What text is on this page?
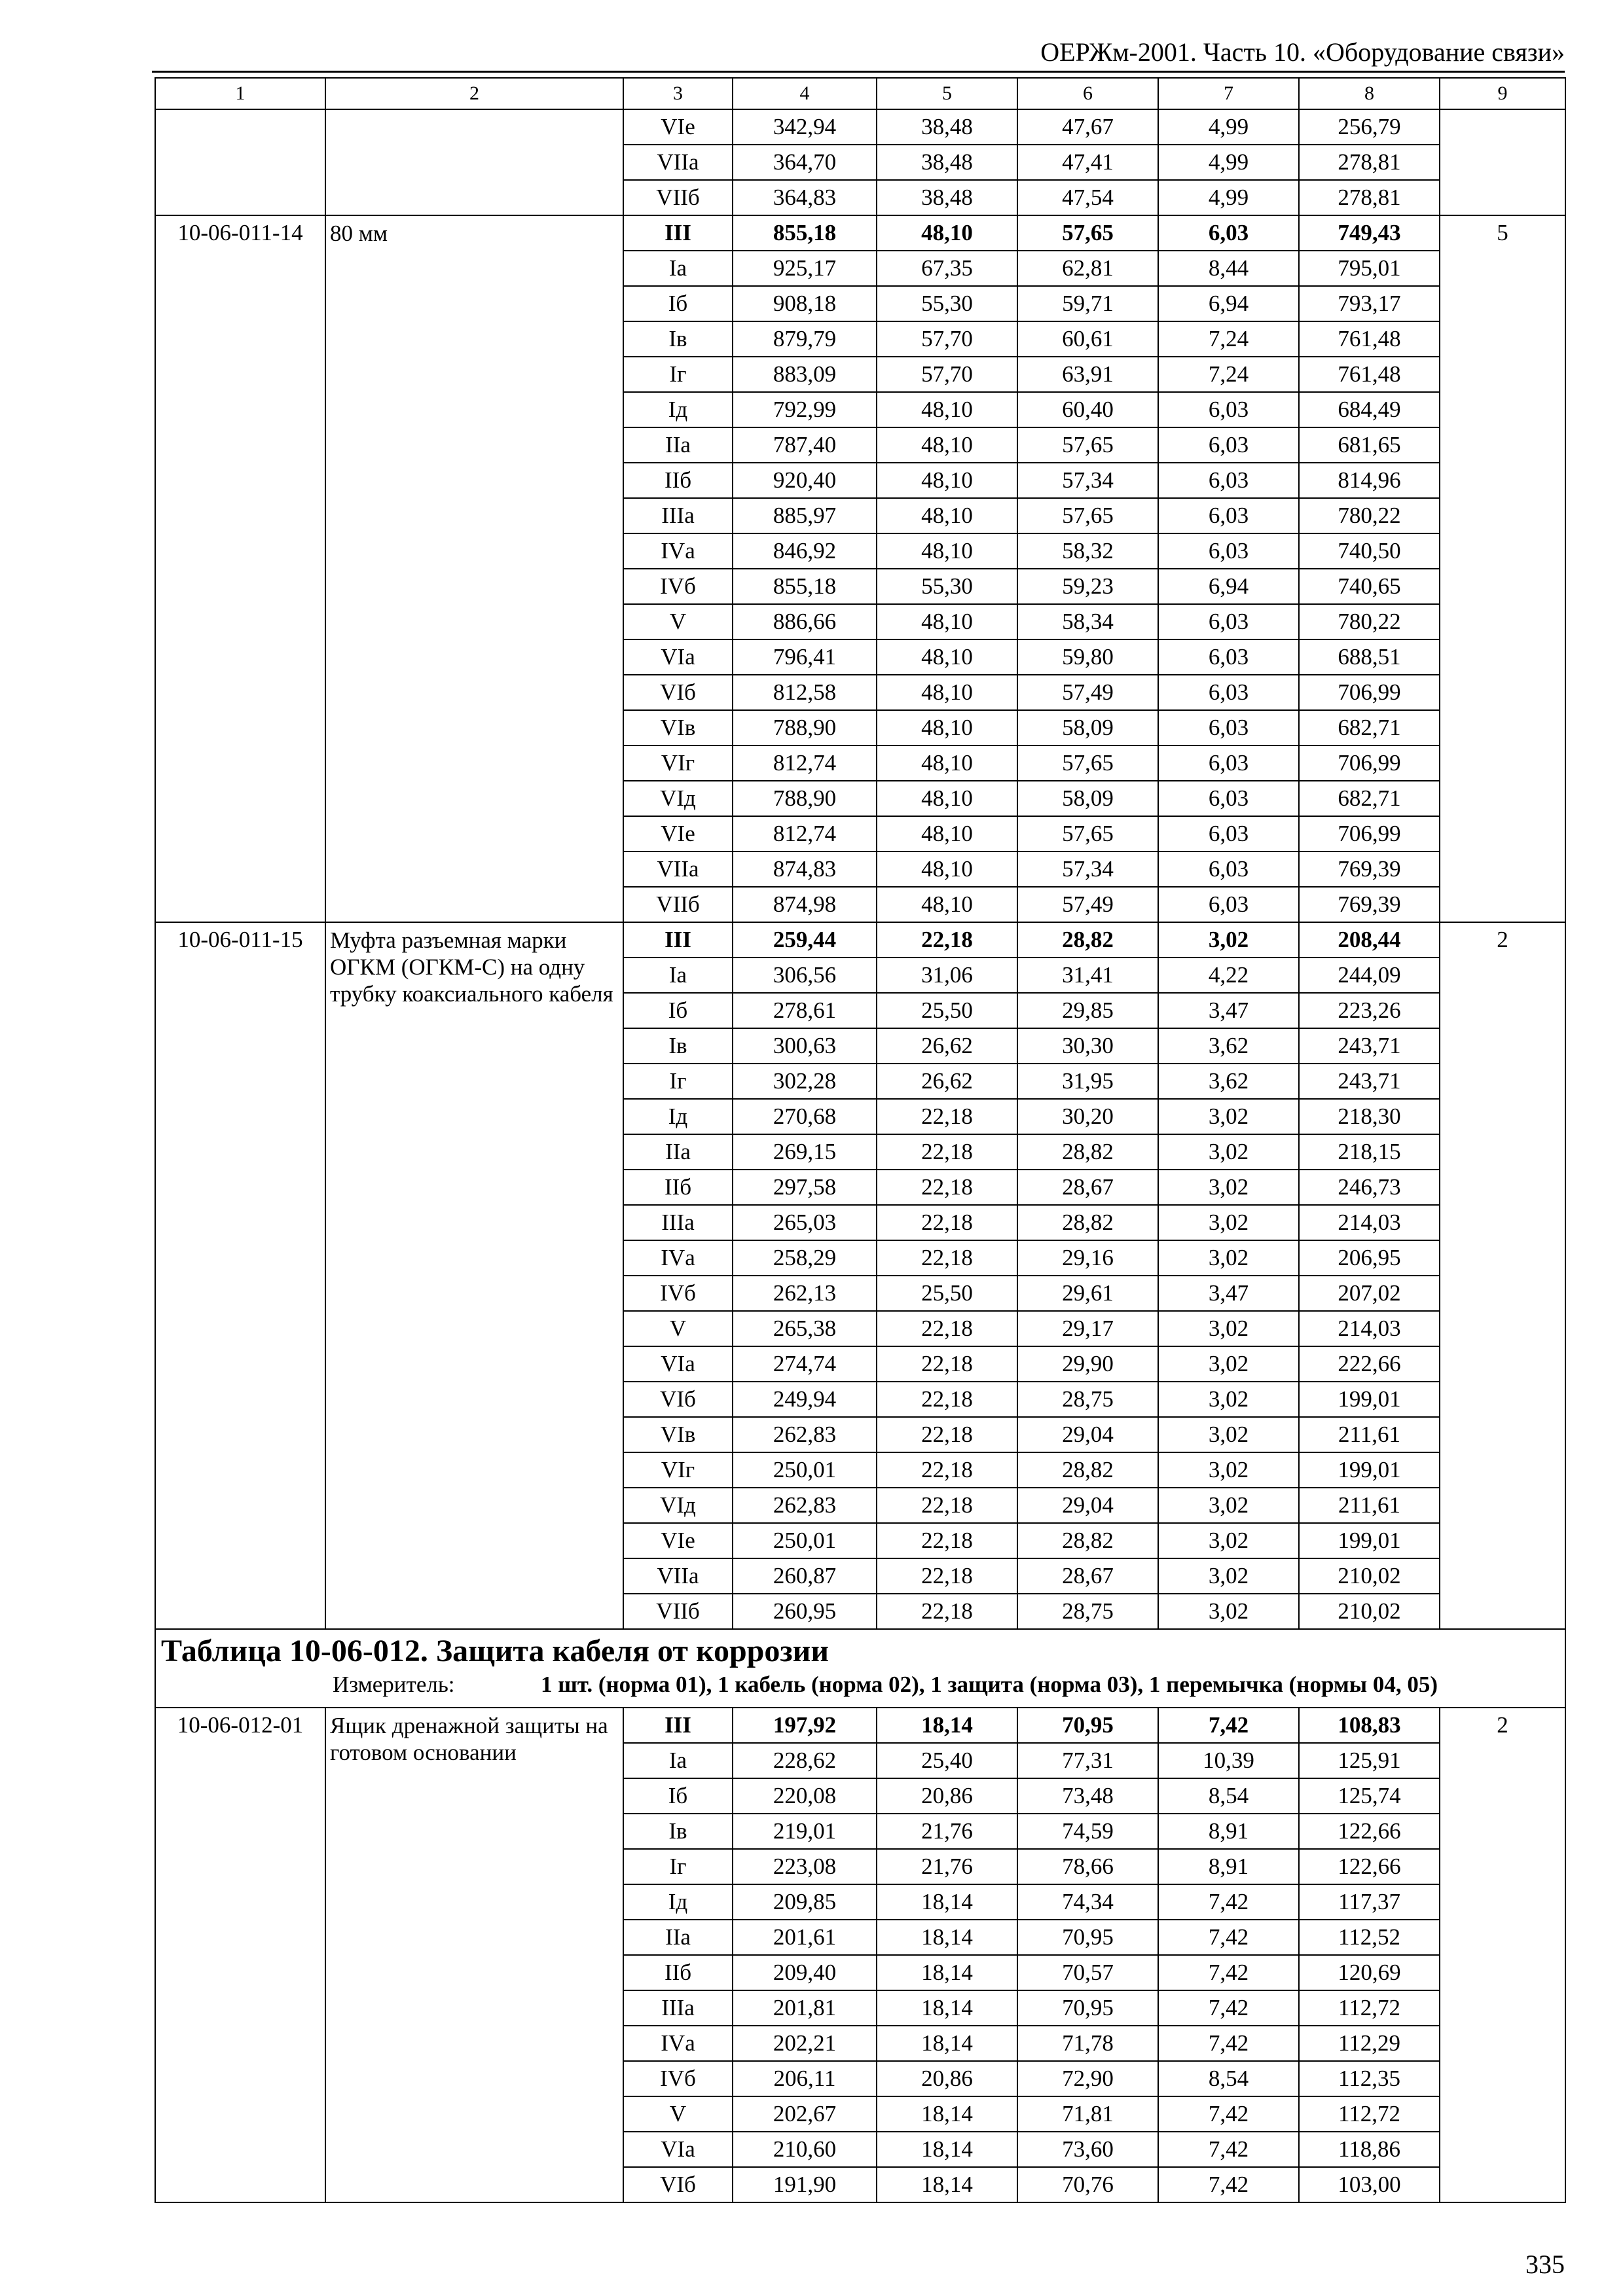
ОЕРЖм-2001. Часть 10. «Оборудование связи»
1	2	3	4	5	6	7	8	9
		VIе	342,94	38,48	47,67	4,99	256,79	
		VIIа	364,70	38,48	47,41	4,99	278,81	
		VIIб	364,83	38,48	47,54	4,99	278,81	
10-06-011-14	80 мм	III	855,18	48,10	57,65	6,03	749,43	5
		Iа	925,17	67,35	62,81	8,44	795,01	
		Iб	908,18	55,30	59,71	6,94	793,17	
		Iв	879,79	57,70	60,61	7,24	761,48	
		Iг	883,09	57,70	63,91	7,24	761,48	
		Iд	792,99	48,10	60,40	6,03	684,49	
		IIа	787,40	48,10	57,65	6,03	681,65	
		IIб	920,40	48,10	57,34	6,03	814,96	
		IIIа	885,97	48,10	57,65	6,03	780,22	
		IVа	846,92	48,10	58,32	6,03	740,50	
		IVб	855,18	55,30	59,23	6,94	740,65	
		V	886,66	48,10	58,34	6,03	780,22	
		VIа	796,41	48,10	59,80	6,03	688,51	
		VIб	812,58	48,10	57,49	6,03	706,99	
		VIв	788,90	48,10	58,09	6,03	682,71	
		VIг	812,74	48,10	57,65	6,03	706,99	
		VIд	788,90	48,10	58,09	6,03	682,71	
		VIе	812,74	48,10	57,65	6,03	706,99	
		VIIа	874,83	48,10	57,34	6,03	769,39	
		VIIб	874,98	48,10	57,49	6,03	769,39	
10-06-011-15	Муфта разъемная марки ОГКМ (ОГКМ-С) на одну трубку коаксиального кабеля	III	259,44	22,18	28,82	3,02	208,44	2
		Iа	306,56	31,06	31,41	4,22	244,09	
		Iб	278,61	25,50	29,85	3,47	223,26	
		Iв	300,63	26,62	30,30	3,62	243,71	
		Iг	302,28	26,62	31,95	3,62	243,71	
		Iд	270,68	22,18	30,20	3,02	218,30	
		IIа	269,15	22,18	28,82	3,02	218,15	
		IIб	297,58	22,18	28,67	3,02	246,73	
		IIIа	265,03	22,18	28,82	3,02	214,03	
		IVа	258,29	22,18	29,16	3,02	206,95	
		IVб	262,13	25,50	29,61	3,47	207,02	
		V	265,38	22,18	29,17	3,02	214,03	
		VIа	274,74	22,18	29,90	3,02	222,66	
		VIб	249,94	22,18	28,75	3,02	199,01	
		VIв	262,83	22,18	29,04	3,02	211,61	
		VIг	250,01	22,18	28,82	3,02	199,01	
		VIд	262,83	22,18	29,04	3,02	211,61	
		VIе	250,01	22,18	28,82	3,02	199,01	
		VIIа	260,87	22,18	28,67	3,02	210,02	
		VIIб	260,95	22,18	28,75	3,02	210,02	

Таблица 10-06-012. Защита кабеля от коррозии
Измеритель: 1 шт. (норма 01), 1 кабель (норма 02), 1 защита (норма 03), 1 перемычка (нормы 04, 05)								

10-06-012-01	Ящик дренажной защиты на готовом основании	III	197,92	18,14	70,95	7,42	108,83	2
		Iа	228,62	25,40	77,31	10,39	125,91	
		Iб	220,08	20,86	73,48	8,54	125,74	
		Iв	219,01	21,76	74,59	8,91	122,66	
		Iг	223,08	21,76	78,66	8,91	122,66	
		Iд	209,85	18,14	74,34	7,42	117,37	
		IIа	201,61	18,14	70,95	7,42	112,52	
		IIб	209,40	18,14	70,57	7,42	120,69	
		IIIа	201,81	18,14	70,95	7,42	112,72	
		IVа	202,21	18,14	71,78	7,42	112,29	
		IVб	206,11	20,86	72,90	8,54	112,35	
		V	202,67	18,14	71,81	7,42	112,72	
		VIа	210,60	18,14	73,60	7,42	118,86	
		VIб	191,90	18,14	70,76	7,42	103,00	
335
